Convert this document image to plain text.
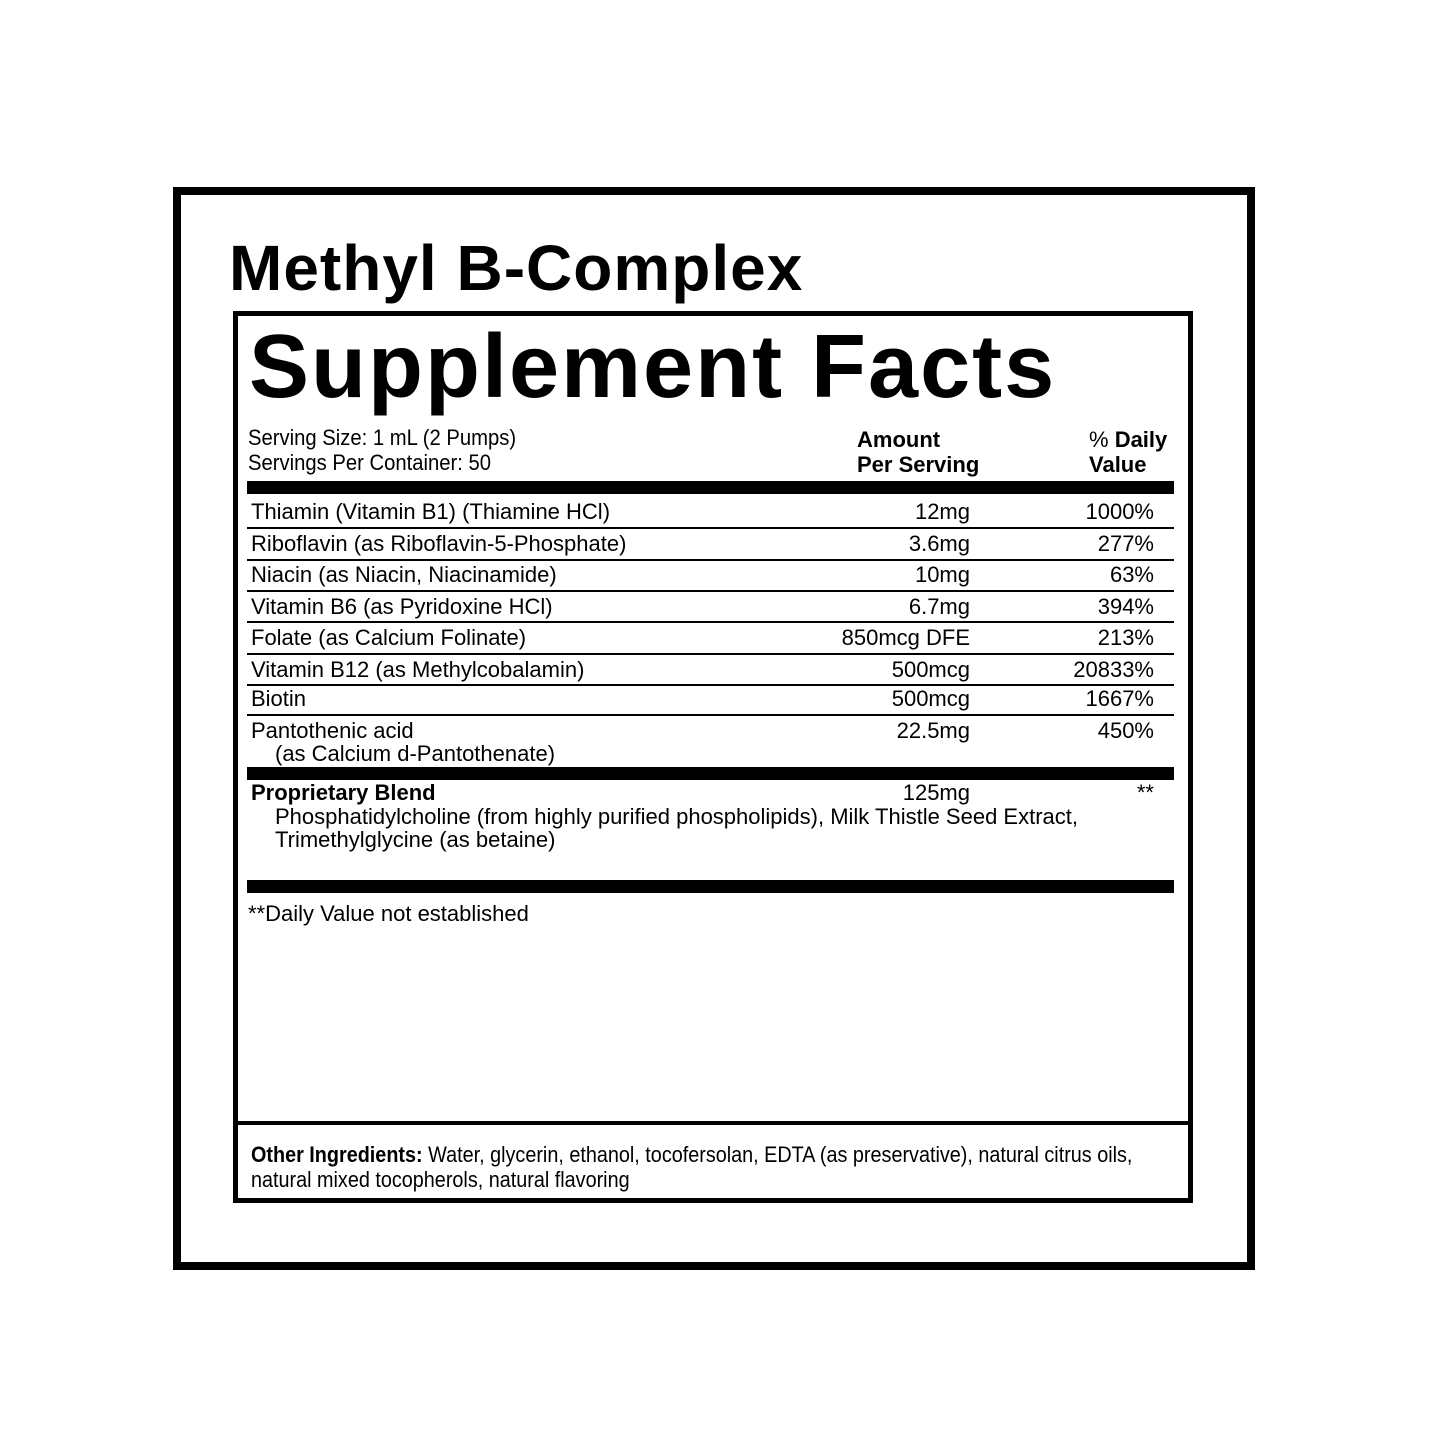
Methyl B-Complex
Supplement Facts
Serving Size: 1 mL (2 Pumps)
Servings Per Container: 50
Amount
Per Serving
% Daily
Value
Thiamin (Vitamin B1) (Thiamine HCl)	12mg	1000%
Riboflavin (as Riboflavin-5-Phosphate)	3.6mg	277%
Niacin (as Niacin, Niacinamide)	10mg	63%
Vitamin B6 (as Pyridoxine HCl)	6.7mg	394%
Folate (as Calcium Folinate)	850mcg DFE	213%
Vitamin B12 (as Methylcobalamin)	500mcg	20833%
Biotin	500mcg	1667%
Pantothenic acid
(as Calcium d-Pantothenate)
22.5mg	450%
Proprietary Blend	125mg	**
Phosphatidylcholine (from highly purified phospholipids), Milk Thistle Seed Extract, Trimethylglycine (as betaine)
**Daily Value not established
Other Ingredients: Water, glycerin, ethanol, tocofersolan, EDTA (as preservative), natural citrus oils, natural mixed tocopherols, natural flavoring
